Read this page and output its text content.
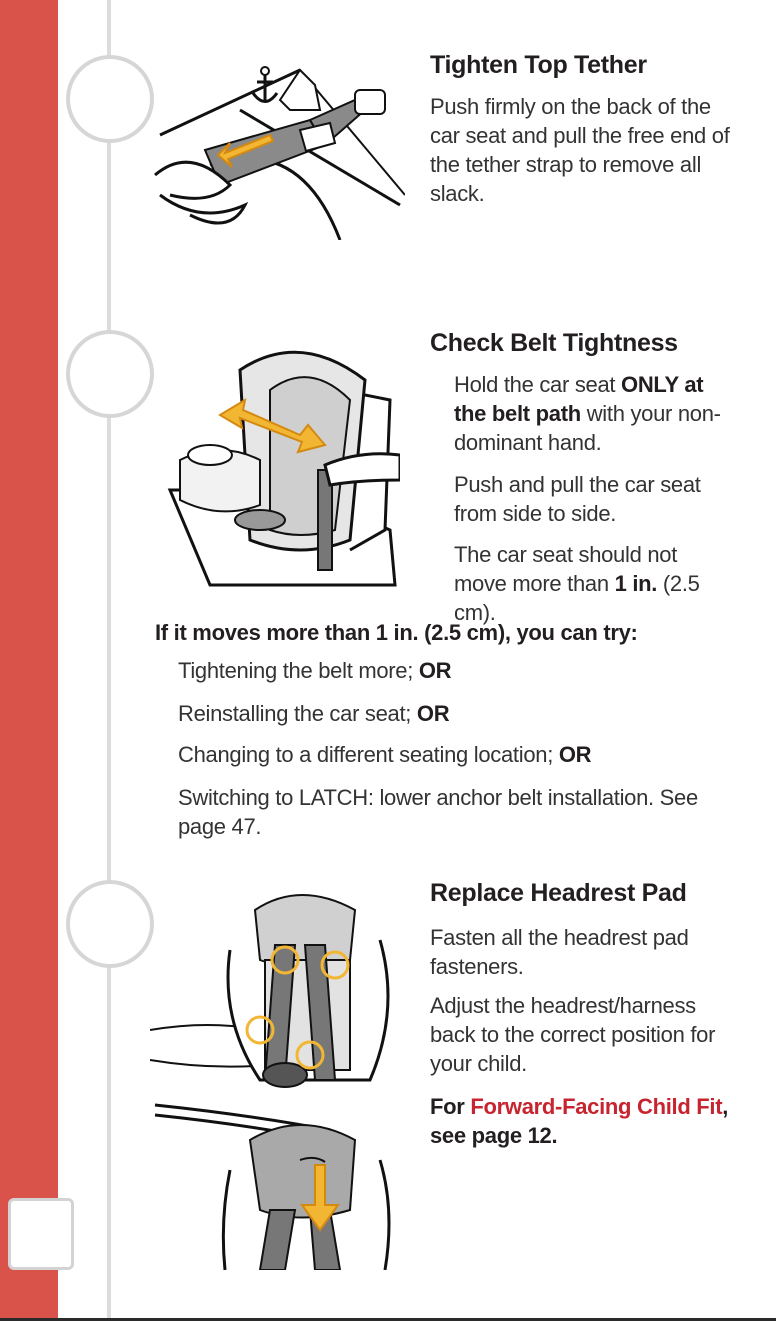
Tighten Top Tether

Push firmly on the back of the car seat and pull the free end of the tether strap to remove all slack.

Check Belt Tightness

Hold the car seat ONLY at the belt path with your non-dominant hand.

Push and pull the car seat from side to side.

The car seat should not move more than 1 in. (2.5 cm).

If it moves more than 1 in. (2.5 cm), you can try:

Tightening the belt more; OR

Reinstalling the car seat; OR

Changing to a different seating location; OR

Switching to LATCH: lower anchor belt installation. See page 47.

Replace Headrest Pad

Fasten all the headrest pad fasteners.

Adjust the headrest/harness back to the correct position for your child.

For Forward-Facing Child Fit, see page 12.
